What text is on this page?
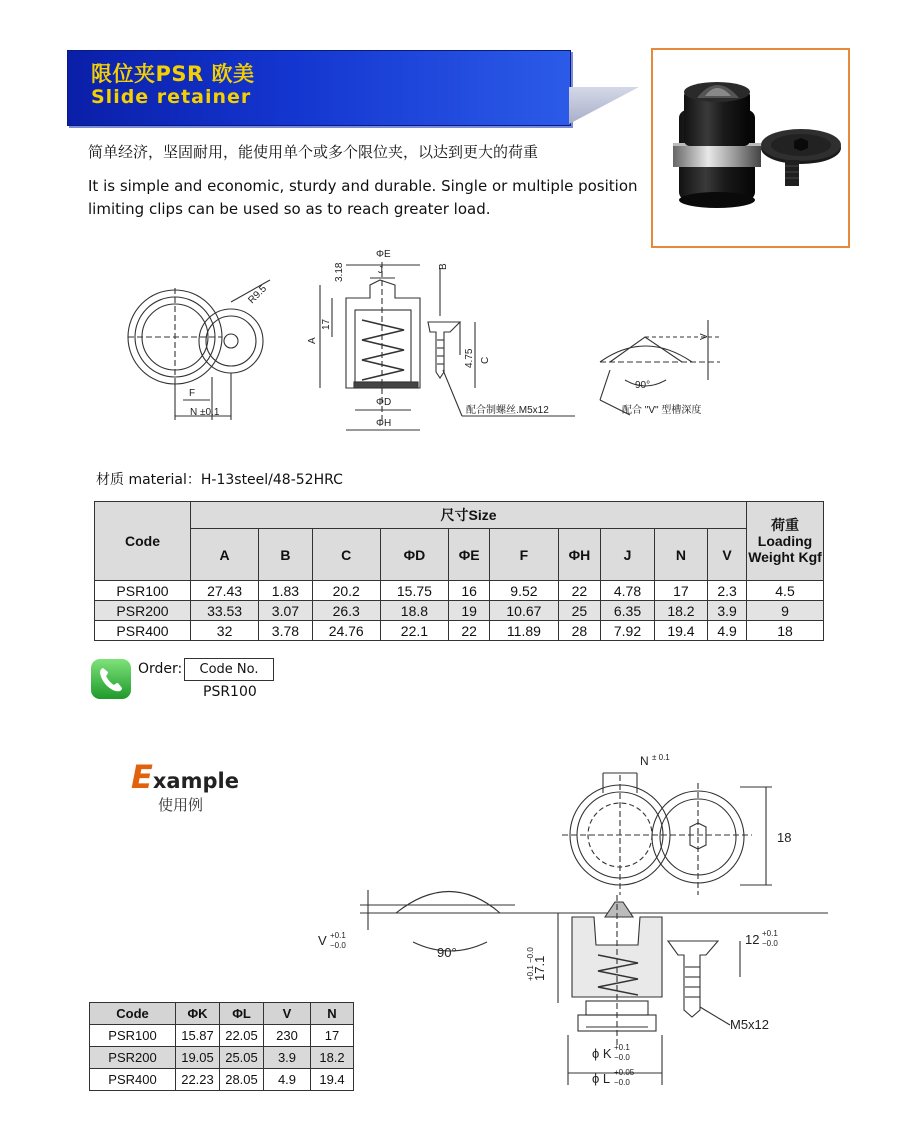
限位夹PSR 欧美
Slide retainer
简单经济，坚固耐用，能使用单个或多个限位夹，以达到更大的荷重
It is simple and economic, sturdy and durable. Single or multiple position limiting clips can be used so as to reach greater load.
R9.5
F
N ±0.1
ΦE
J	B
3.18
17
A
4.75 C
ΦD
ΦH
配合制螺丝.M5x12
V
90°
配合 "V" 型槽深度
材质 material：H-13steel/48-52HRC
Code	尺寸Size										荷重
Loading Weight Kgf
	A	B	C	ΦD	ΦE	F	ΦH	J	N	V	
PSR100	27.43	1.83	20.2	15.75	16	9.52	22	4.78	17	2.3	4.5
PSR200	33.53	3.07	26.3	18.8	19	10.67	25	6.35	18.2	3.9	9
PSR400	32	3.78	24.76	22.1	22	11.89	28	7.92	19.4	4.9	18
Order:	Code No.
PSR100
Example
使用例
N ± 0.1
18
V +0.1
−0.0	90°
17.1
+0.1 −0.0
12 +0.1
−0.0
M5x12
ϕ K +0.1
−0.0
ϕ L +0.05
−0.0
Code	ΦK	ΦL	V	N
PSR100	15.87	22.05	230	17
PSR200	19.05	25.05	3.9	18.2
PSR400	22.23	28.05	4.9	19.4
